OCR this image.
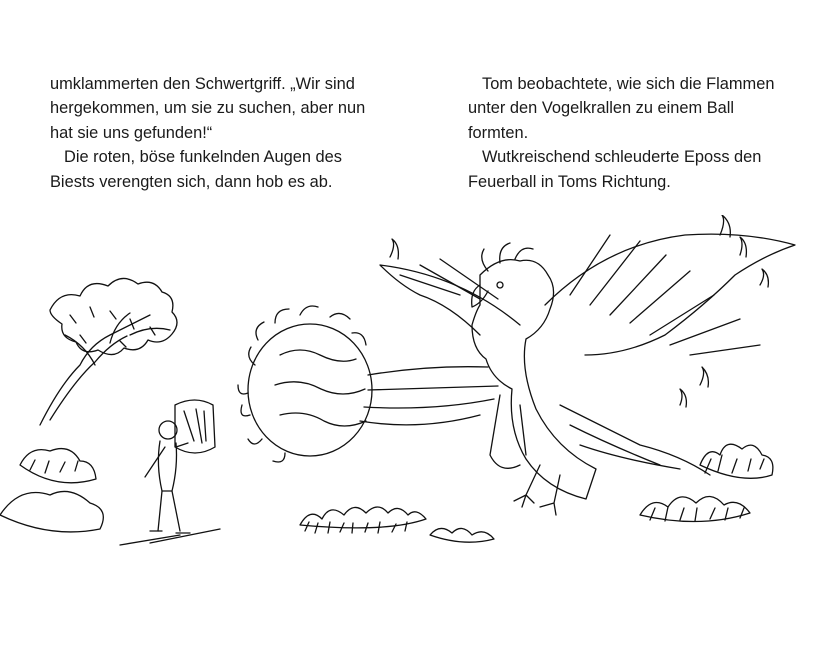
umklammerten den Schwertgriff. „Wir sind

hergekommen, um sie zu suchen, aber nun

hat sie uns gefunden!“

Die roten, böse funkelnden Augen des

Biests verengten sich, dann hob es ab.

Tom beobachtete, wie sich die Flammen

unter den Vogelkrallen zu einem Ball

formten.

Wutkreischend schleuderte Eposs den

Feuerball in Toms Richtung.
